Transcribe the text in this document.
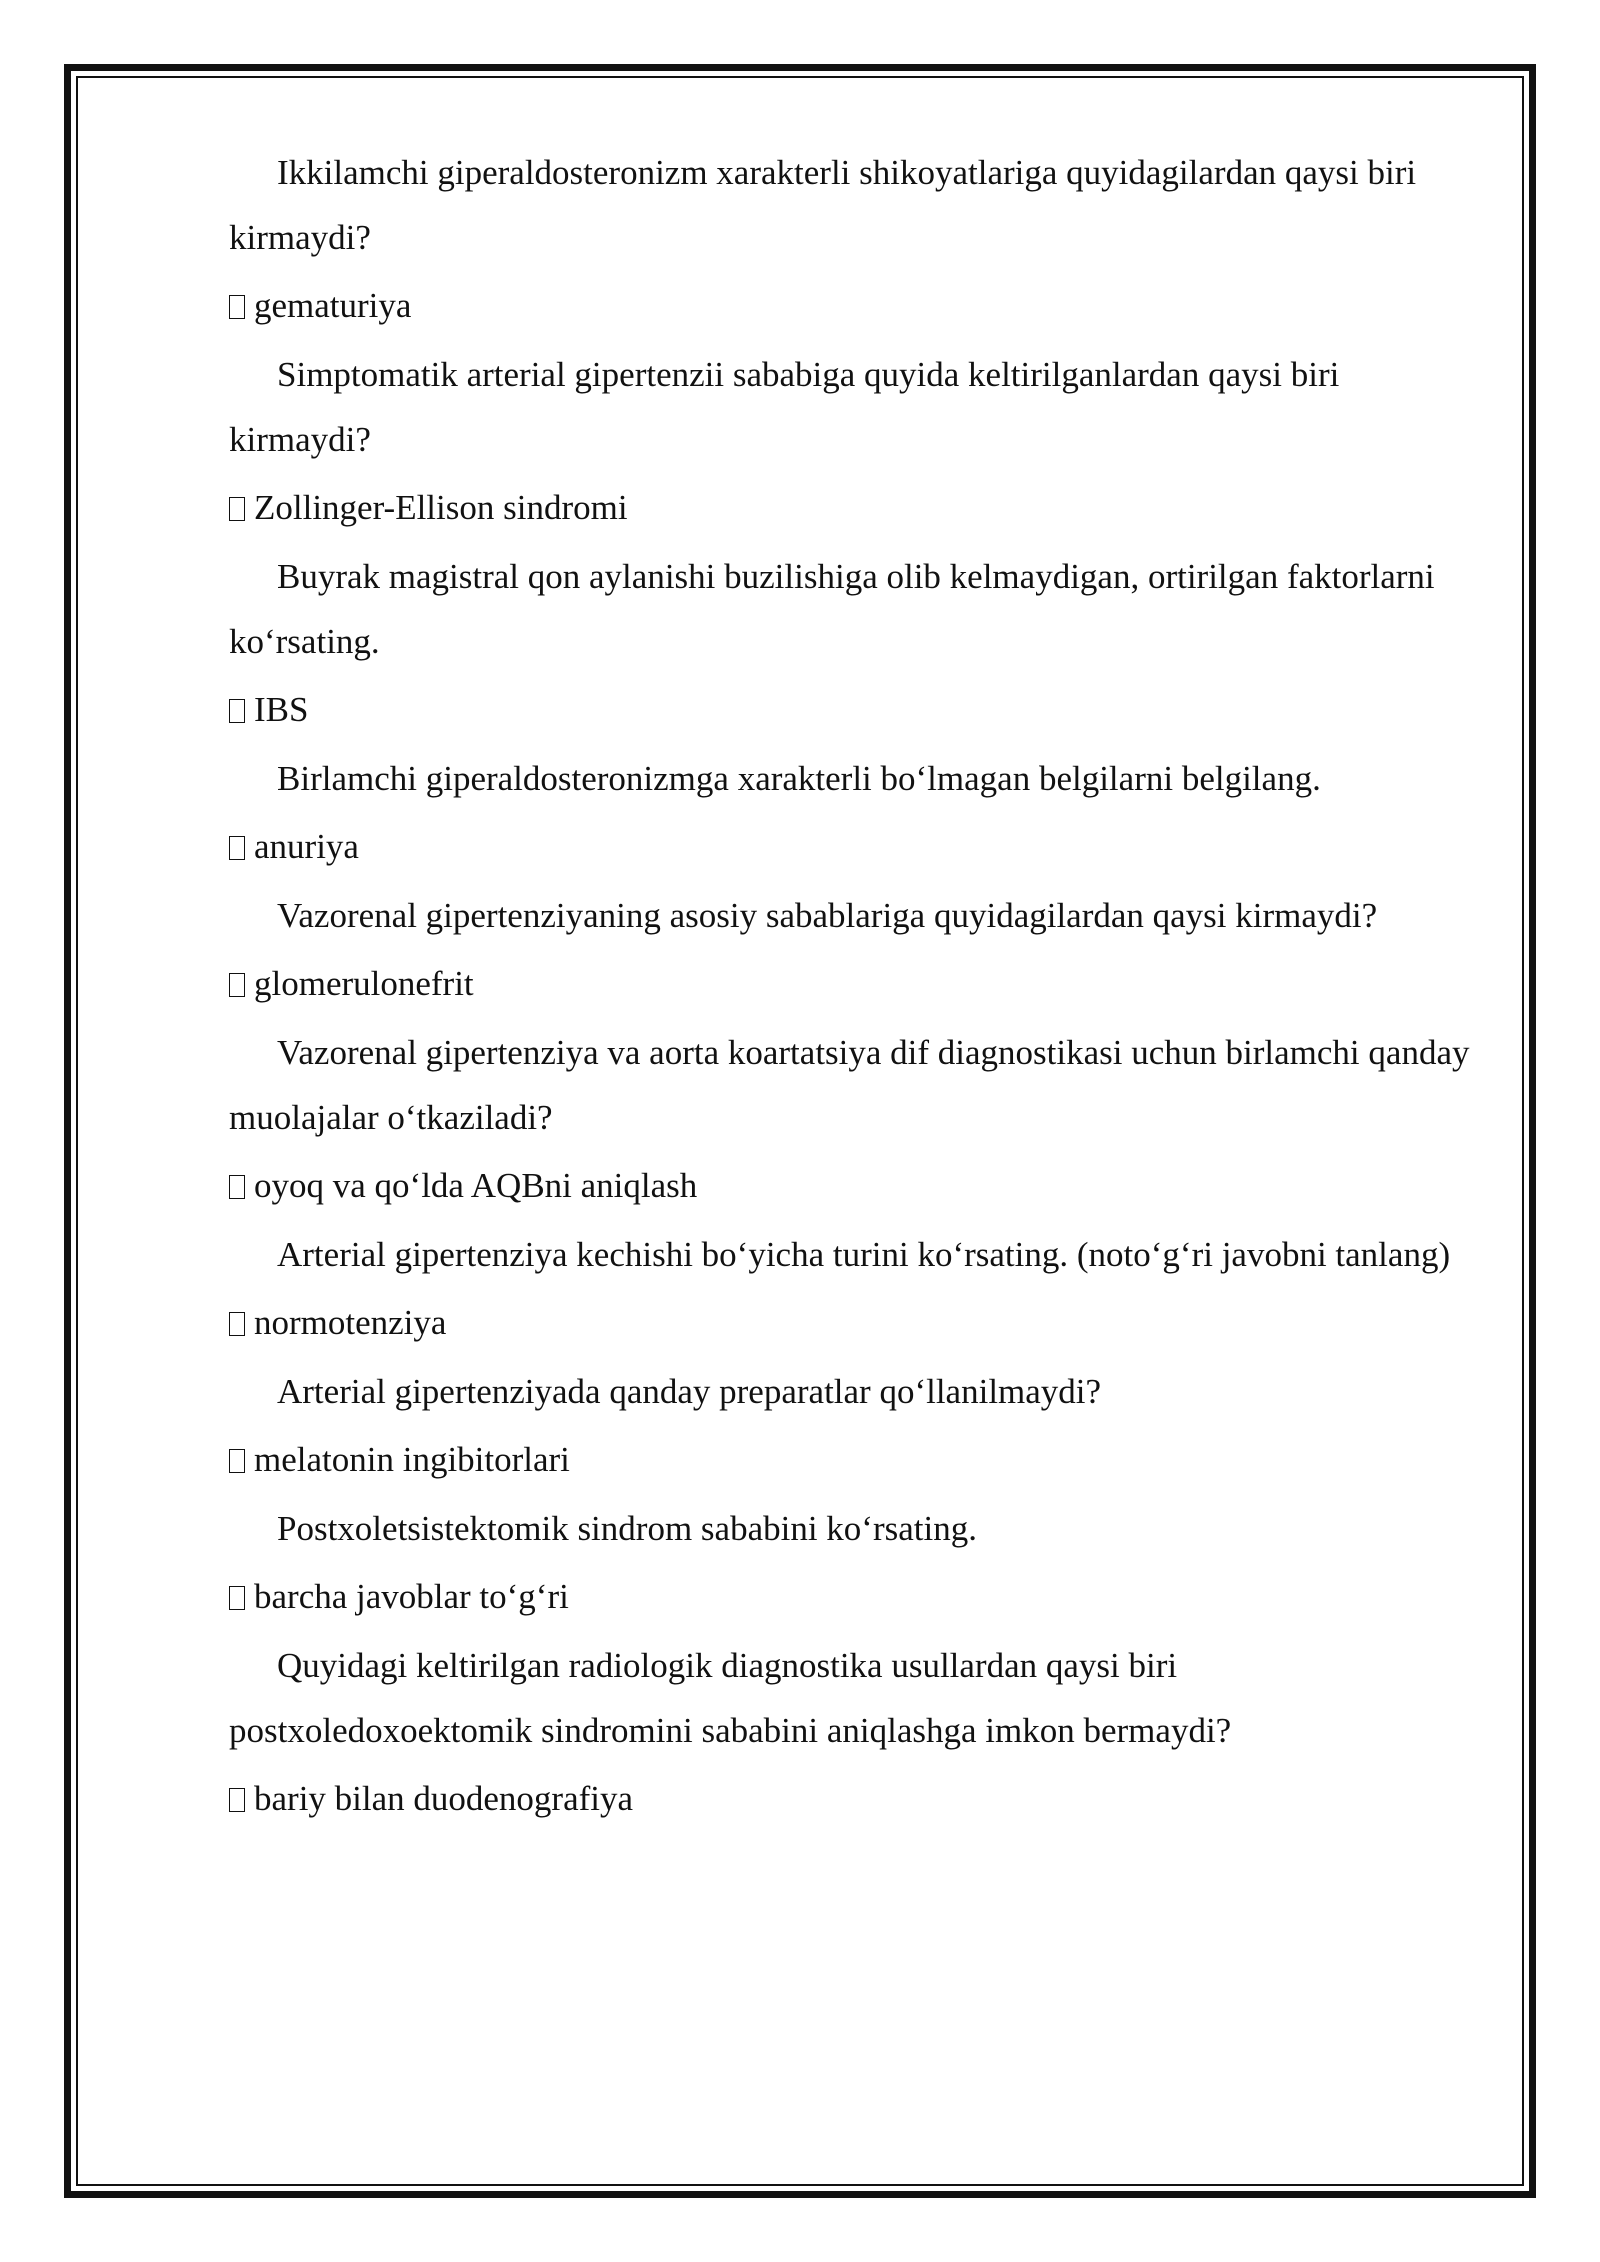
Ikkilamchi giperaldosteronizm xarakterli shikoyatlariga quyidagilardan qaysi biri kirmaydi?

gematuriya

Simptomatik arterial gipertenzii sababiga quyida keltirilganlardan qaysi biri kirmaydi?

Zollinger-Ellison sindromi

Buyrak magistral qon aylanishi buzilishiga olib kelmaydigan, ortirilgan faktorlarni ko‘rsating.

IBS

Birlamchi giperaldosteronizmga xarakterli bo‘lmagan belgilarni belgilang.

anuriya

Vazorenal gipertenziyaning asosiy sabablariga quyidagilardan qaysi kirmaydi?

glomerulonefrit

Vazorenal gipertenziya va aorta koartatsiya dif diagnostikasi uchun birlamchi qanday muolajalar o‘tkaziladi?

oyoq va qo‘lda AQBni aniqlash

Arterial gipertenziya kechishi bo‘yicha turini ko‘rsating. (noto‘g‘ri javobni tanlang)

normotenziya

Arterial gipertenziyada qanday preparatlar qo‘llanilmaydi?

melatonin ingibitorlari

Postxoletsistektomik sindrom sababini ko‘rsating.

barcha javoblar to‘g‘ri

Quyidagi keltirilgan radiologik diagnostika usullardan qaysi biri postxoledoxoektomik sindromini sababini aniqlashga imkon bermaydi?

bariy bilan duodenografiya
